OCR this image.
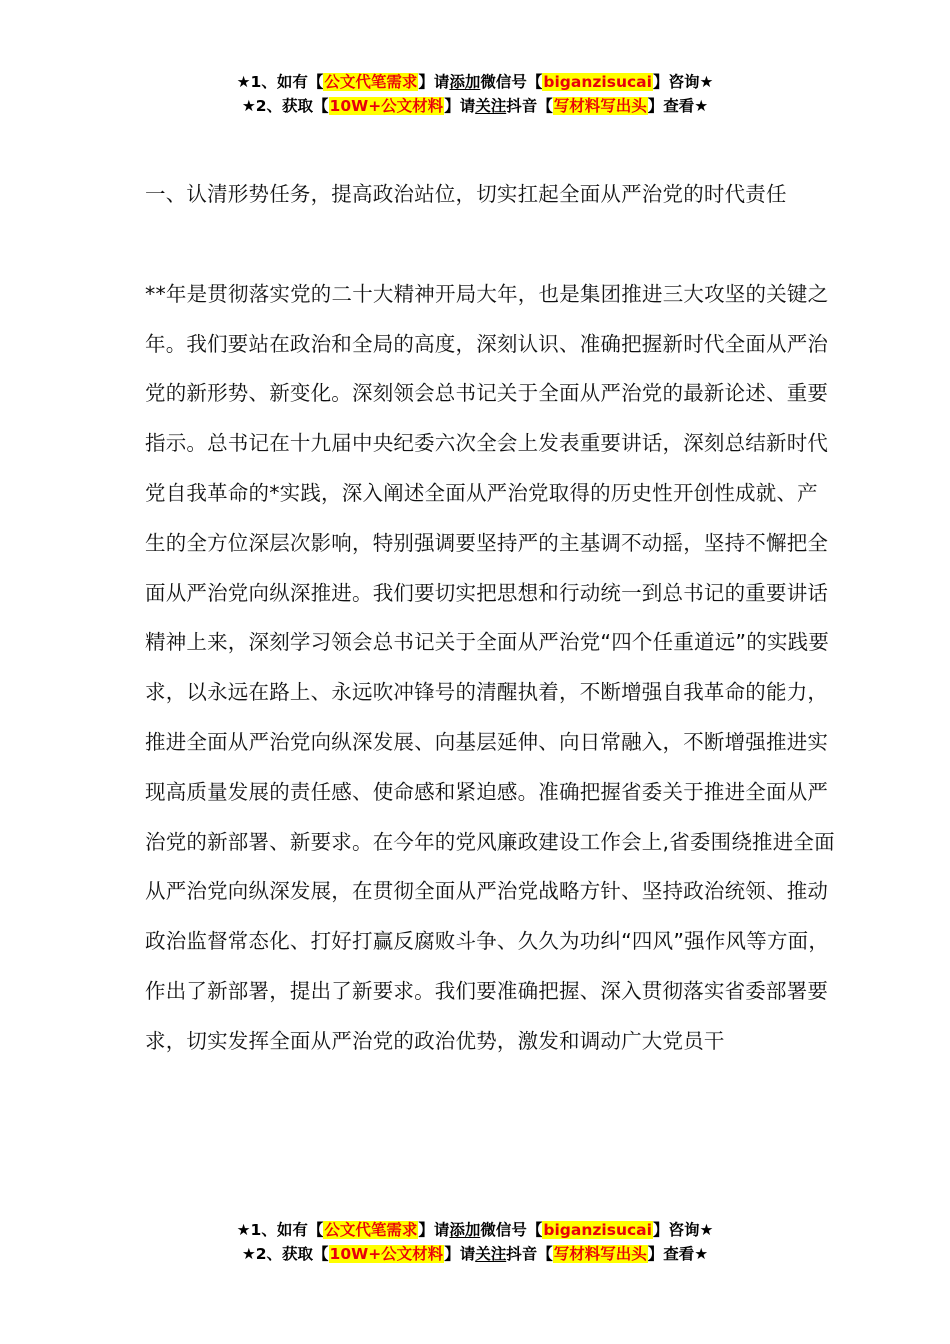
★1、如有【公文代笔需求】请添加微信号【biganzisucai】咨询★
★2、获取【10W+公文材料】请关注抖音【写材料写出头】查看★

一、认清形势任务，提高政治站位，切实扛起全面从严治党的时代责任

**年是贯彻落实党的二十大精神开局大年，也是集团推进三大攻坚的关键之年。我们要站在政治和全局的高度，深刻认识、准确把握新时代全面从严治党的新形势、新变化。深刻领会总书记关于全面从严治党的最新论述、重要指示。总书记在十九届中央纪委六次全会上发表重要讲话，深刻总结新时代党自我革命的*实践，深入阐述全面从严治党取得的历史性开创性成就、产生的全方位深层次影响，特别强调要坚持严的主基调不动摇，坚持不懈把全面从严治党向纵深推进。我们要切实把思想和行动统一到总书记的重要讲话精神上来，深刻学习领会总书记关于全面从严治党“四个任重道远”的实践要求，以永远在路上、永远吹冲锋号的清醒执着，不断增强自我革命的能力，推进全面从严治党向纵深发展、向基层延伸、向日常融入，不断增强推进实现高质量发展的责任感、使命感和紧迫感。准确把握省委关于推进全面从严治党的新部署、新要求。在今年的党风廉政建设工作会上,省委围绕推进全面从严治党向纵深发展，在贯彻全面从严治党战略方针、坚持政治统领、推动政治监督常态化、打好打赢反腐败斗争、久久为功纠“四风”强作风等方面，作出了新部署，提出了新要求。我们要准确把握、深入贯彻落实省委部署要求，切实发挥全面从严治党的政治优势，激发和调动广大党员干

★1、如有【公文代笔需求】请添加微信号【biganzisucai】咨询★
★2、获取【10W+公文材料】请关注抖音【写材料写出头】查看★
